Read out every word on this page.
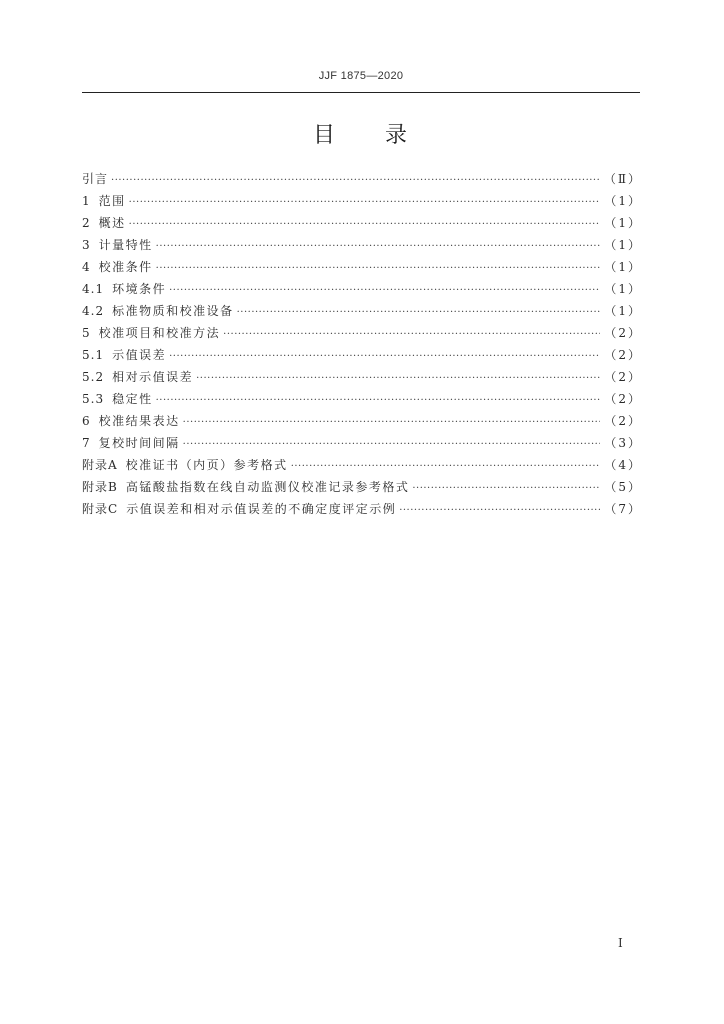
JJF 1875—2020
目 录
引言 ·····	（Ⅱ）
1 范围 ·····	（1）
2 概述 ·····	（1）
3 计量特性 ·····	（1）
4 校准条件 ·····	（1）
4.1 环境条件 ·····	（1）
4.2 标准物质和校准设备 ·····	（1）
5 校准项目和校准方法 ·····	（2）
5.1 示值误差 ·····	（2）
5.2 相对示值误差 ·····	（2）
5.3 稳定性 ·····	（2）
6 校准结果表达 ·····	（2）
7 复校时间间隔 ·····	（3）
附录A 校准证书（内页）参考格式 ·····	（4）
附录B 高锰酸盐指数在线自动监测仪校准记录参考格式 ·····	（5）
附录C 示值误差和相对示值误差的不确定度评定示例 ·····	（7）
Ⅰ
